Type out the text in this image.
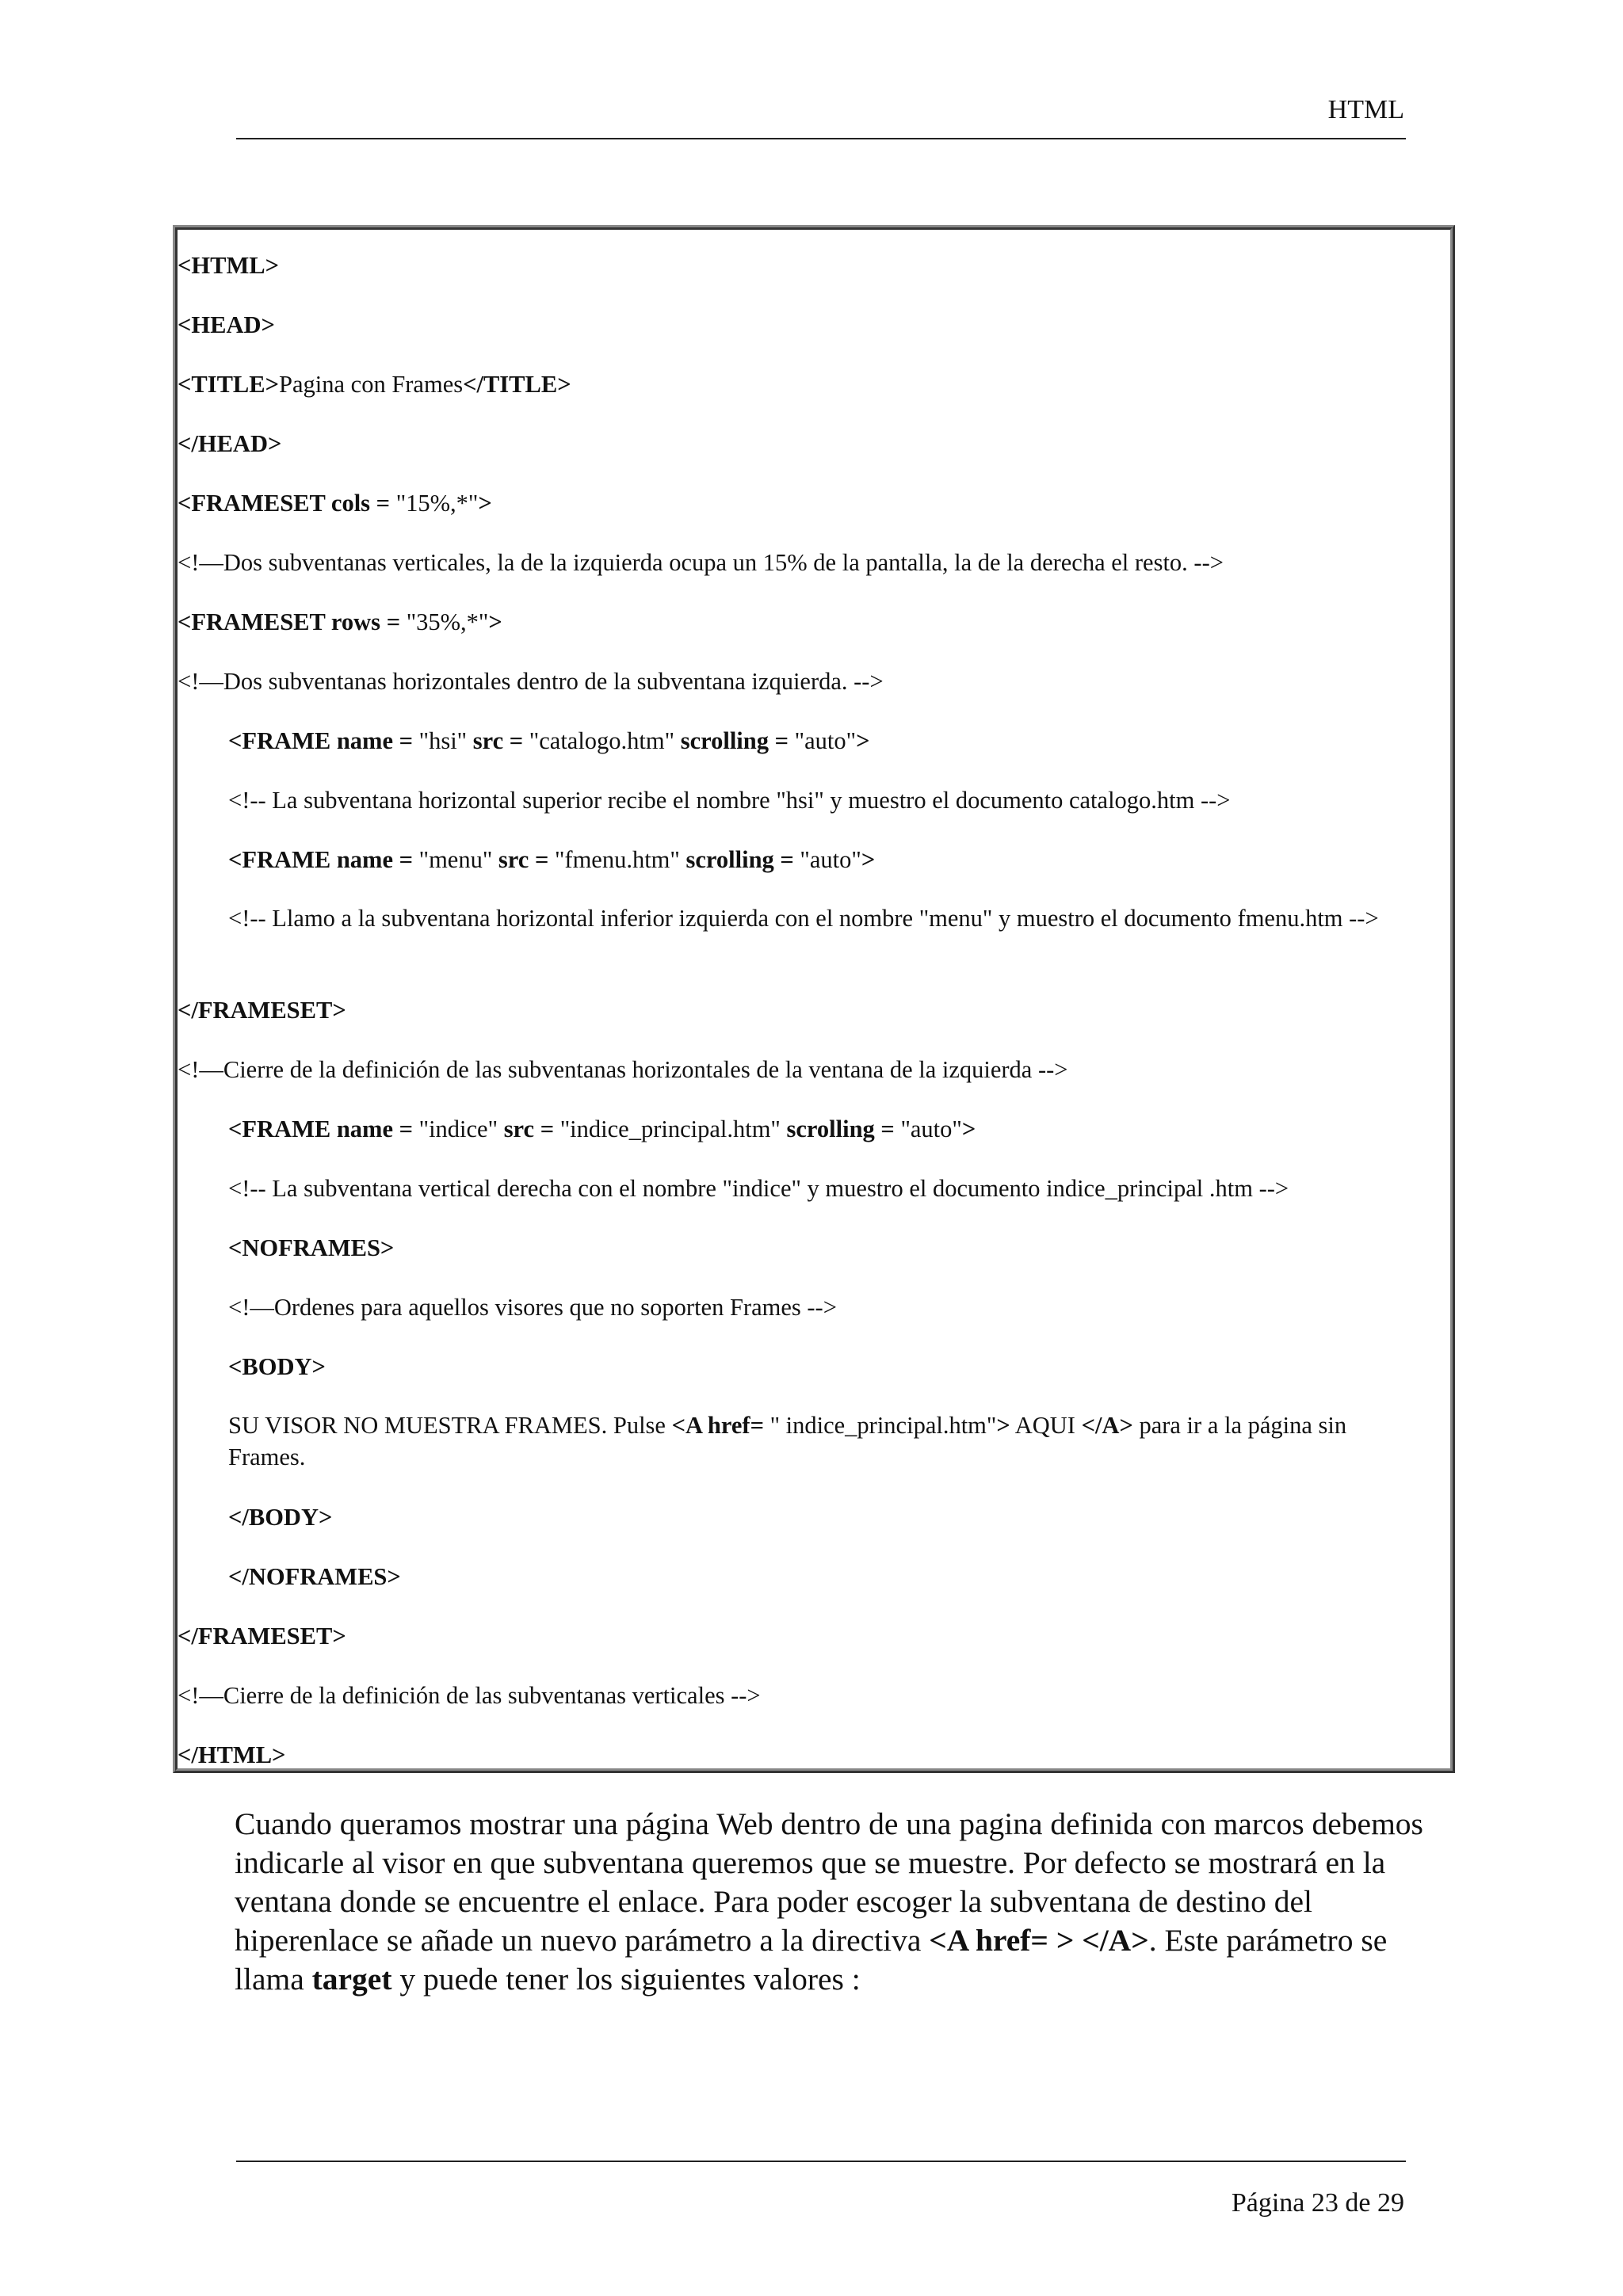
HTML
<HTML>
<HEAD>
<TITLE>Pagina con Frames</TITLE>
</HEAD>
<FRAMESET cols = "15%,*">
<!—Dos subventanas verticales, la de la izquierda ocupa un 15% de la pantalla, la de la derecha el resto. -->
<FRAMESET rows = "35%,*">
<!—Dos subventanas horizontales dentro de la subventana izquierda. -->
<FRAME name = "hsi" src = "catalogo.htm" scrolling = "auto">
<!-- La subventana horizontal superior recibe el nombre "hsi" y muestro el documento catalogo.htm -->
<FRAME name = "menu" src = "fmenu.htm" scrolling = "auto">
<!-- Llamo a la subventana horizontal inferior izquierda con el nombre "menu" y muestro el documento fmenu.htm -->
</FRAMESET>
<!—Cierre de la definición de las subventanas horizontales de la ventana de la izquierda -->
<FRAME name = "indice" src = "indice_principal.htm" scrolling = "auto">
<!-- La subventana vertical derecha con el nombre "indice" y muestro el documento indice_principal .htm -->
<NOFRAMES>
<!—Ordenes para aquellos visores que no soporten Frames -->
<BODY>
SU VISOR NO MUESTRA FRAMES. Pulse <A href= " indice_principal.htm"> AQUI </A> para ir a la página sin Frames.
</BODY>
</NOFRAMES>
</FRAMESET>
<!—Cierre de la definición de las subventanas verticales -->
</HTML>
Cuando queramos mostrar una página Web dentro de una pagina definida con marcos debemos indicarle al visor en que subventana queremos que se muestre. Por defecto se mostrará en la ventana donde se encuentre el enlace. Para poder escoger la subventana de destino del hiperenlace se añade un nuevo parámetro a la directiva <A href= > </A>. Este parámetro se llama target y puede tener los siguientes valores :
Página 23 de 29
